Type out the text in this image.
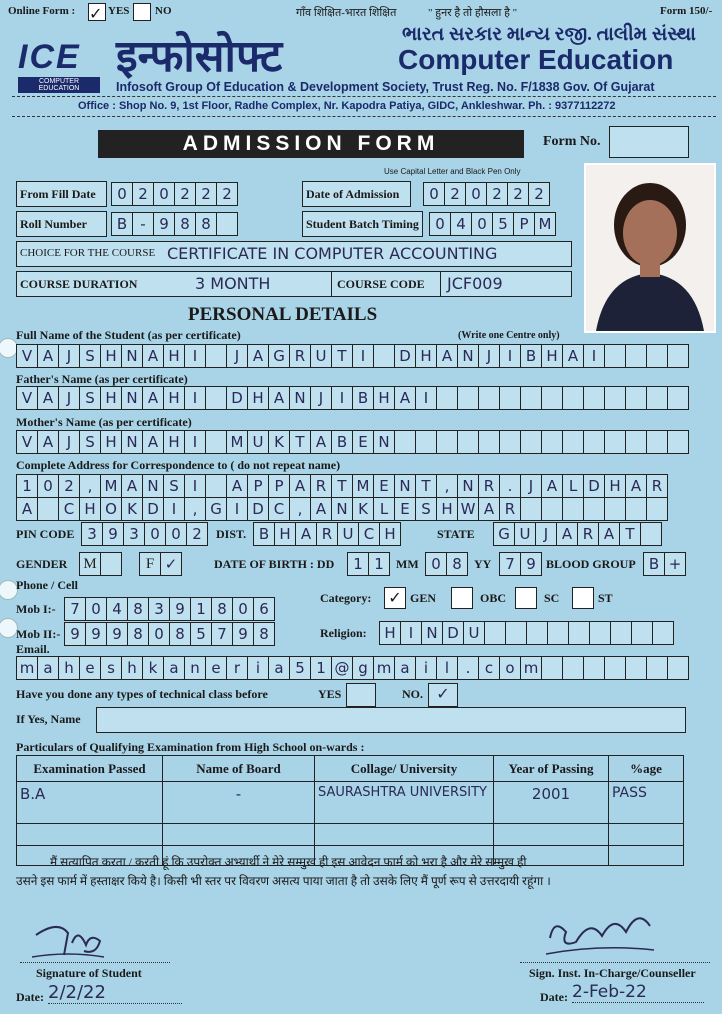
Online Form : ✓ YES NO	गाँव शिक्षित-भारत शिक्षित	" हुनर है तो हौसला है "	Form 150/-
ICE
COMPUTER EDUCATION
इन्फोसोफ्ट	ભારત સરકાર માન્ય રજી. તાલીમ સંસ્થા
Computer Education
Infosoft Group Of Education & Development Society, Trust Reg. No. F/1838 Gov. Of Gujarat
Office : Shop No. 9, 1st Floor, Radhe Complex, Nr. Kapodra Patiya, GIDC, Ankleshwar. Ph. : 9377112272
ADMISSION FORM	Form No.
Use Capital Letter and Black Pen Only
From Fill Date	0 2 0 2 2 2	Date of Admission	0 2 0 2 2 2
Roll Number	B - 9 8 8	Student Batch Timing	0 4 0 5 P M
CHOICE FOR THE COURSE CERTIFICATE IN COMPUTER ACCOUNTING
COURSE DURATION	3 MONTH	COURSE CODE JCF009
PERSONAL DETAILS
Full Name of the Student (as per certificate)	(Write one Centre only)
V A J S H N A H I	J A G R U T I	D H A N J	I B H A I
Father's Name (as per certificate)
V A J S H N A H I	D H A N J	I B H A I
Mother's Name (as per certificate)
V A J S H N A H I	M U K T A B E N
Complete Address for Correspondence to ( do not repeat name)
1 0 2 , M A N S I	A P P A R T M E N T , N R .	J A L D H A R
A	C H O K D I	, G I D C , A N K L E S H W A R
PIN CODE 3 9 3 0 0 2	DIST. B H A R U C H	STATE	G U J A R A T
GENDER M	F ✓	DATE OF BIRTH : DD	1 1	MM 0 8	YY 7 9 BLOOD GROUP B +
Phone / Cell
Mob I:- 7 0 4 8 3 9 1 8 0 6
Mob II:- 9 9 9 8 0 8 5 7 9 8
Category: ✓ GEN	OBC	SC	ST
Religion:	H I N D U
Email.
m a h e s h k a n e r	i a 5 1 @ g m a i	l	. c o m
Have you done any types of technical class before	YES	NO. ✓
If Yes, Name
Particulars of Qualifying Examination from High School on-wards :
Examination Passed	Name of Board	Collage/ University	Year of Passing	%age
B.A	-	SAURASHTRA UNIVERSITY	2001	PASS

मैं सत्यापित करता / करती हूं कि उपरोक्त अभ्यार्थी ने मेरे सम्मुख ही इस आवेदन फार्म को भरा है और मेरे सम्मुख ही
उसने इस फार्म में हस्ताक्षर किये है। किसी भी स्तर पर विवरण असत्य पाया जाता है तो उसके लिए मैं पूर्ण रूप से उत्तरदायी रहूंगा ।
Signature of Student
Date: 2/2/22
Sign. Inst. In-Charge/Counseller
Date: 2-Feb-22
